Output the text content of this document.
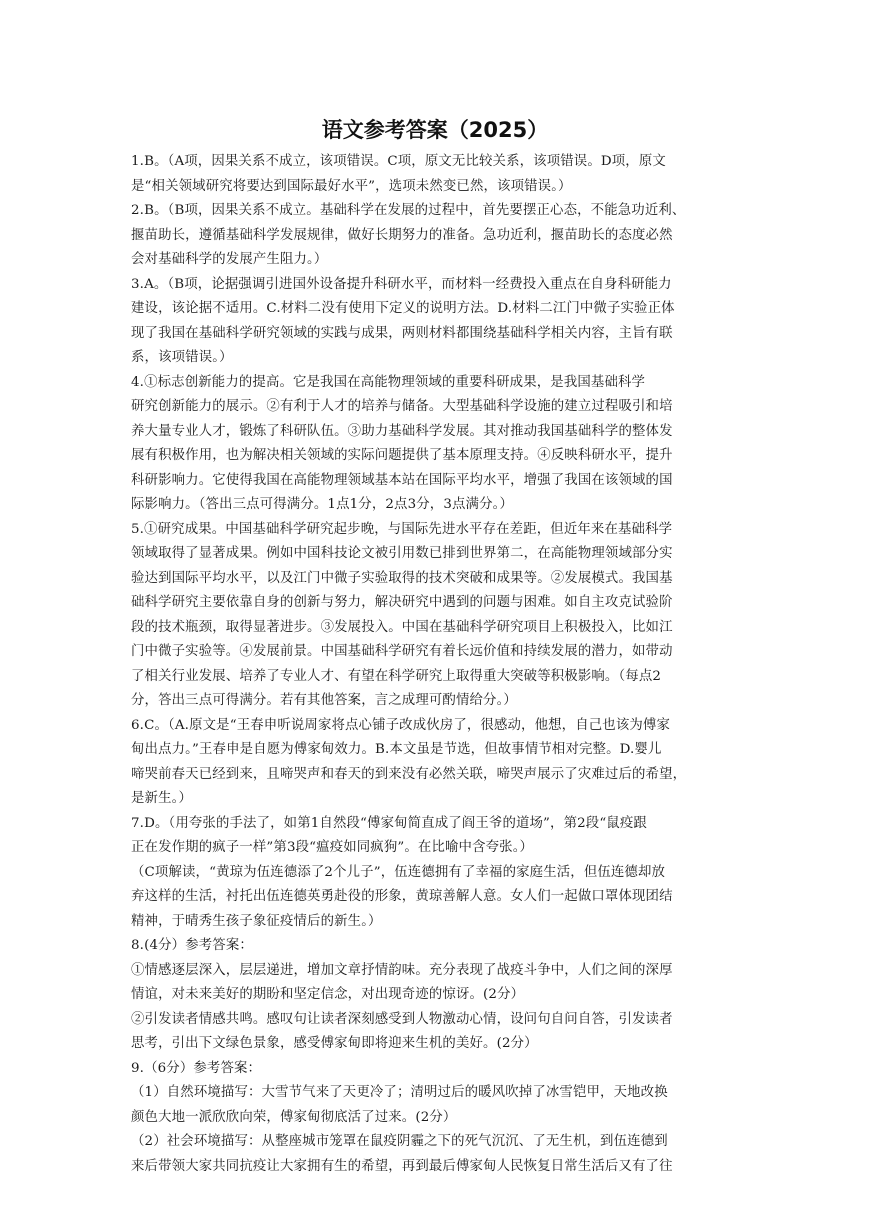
语文参考答案（2025）
1.B。（A项，因果关系不成立，该项错误。C项，原文无比较关系，该项错误。D项，原文
是“相关领域研究将要达到国际最好水平”，选项未然变已然，该项错误。）
2.B。（B项，因果关系不成立。基础科学在发展的过程中，首先要摆正心态，不能急功近利、
揠苗助长，遵循基础科学发展规律，做好长期努力的准备。急功近利，揠苗助长的态度必然
会对基础科学的发展产生阻力。）
3.A。（B项，论据强调引进国外设备提升科研水平，而材料一经费投入重点在自身科研能力
建设，该论据不适用。C.材料二没有使用下定义的说明方法。D.材料二江门中微子实验正体
现了我国在基础科学研究领域的实践与成果，两则材料都围绕基础科学相关内容，主旨有联
系，该项错误。）
4.①标志创新能力的提高。它是我国在高能物理领域的重要科研成果，是我国基础科学
研究创新能力的展示。②有利于人才的培养与储备。大型基础科学设施的建立过程吸引和培
养大量专业人才，锻炼了科研队伍。③助力基础科学发展。其对推动我国基础科学的整体发
展有积极作用，也为解决相关领域的实际问题提供了基本原理支持。④反映科研水平，提升
科研影响力。它使得我国在高能物理领域基本站在国际平均水平，增强了我国在该领域的国
际影响力。（答出三点可得满分。1点1分，2点3分，3点满分。）
5.①研究成果。中国基础科学研究起步晚，与国际先进水平存在差距，但近年来在基础科学
领域取得了显著成果。例如中国科技论文被引用数已排到世界第二，在高能物理领域部分实
验达到国际平均水平，以及江门中微子实验取得的技术突破和成果等。②发展模式。我国基
础科学研究主要依靠自身的创新与努力，解决研究中遇到的问题与困难。如自主攻克试验阶
段的技术瓶颈，取得显著进步。③发展投入。中国在基础科学研究项目上积极投入，比如江
门中微子实验等。④发展前景。中国基础科学研究有着长远价值和持续发展的潜力，如带动
了相关行业发展、培养了专业人才、有望在科学研究上取得重大突破等积极影响。（每点2
分，答出三点可得满分。若有其他答案，言之成理可酌情给分。）
6.C。（A.原文是“王春申听说周家将点心铺子改成伙房了，很感动，他想，自己也该为傅家
甸出点力。”王春申是自愿为傅家甸效力。B.本文虽是节选，但故事情节相对完整。D.婴儿
啼哭前春天已经到来，且啼哭声和春天的到来没有必然关联，啼哭声展示了灾难过后的希望，
是新生。）
7.D。（用夸张的手法了，如第1自然段“傅家甸简直成了阎王爷的道场”，第2段“鼠疫跟
正在发作期的疯子一样”第3段“瘟疫如同疯狗”。在比喻中含夸张。）
（C项解读，“黄琼为伍连德添了2个儿子”，伍连德拥有了幸福的家庭生活，但伍连德却放
弃这样的生活，衬托出伍连德英勇赴役的形象，黄琼善解人意。女人们一起做口罩体现团结
精神，于晴秀生孩子象征疫情后的新生。）
8.(4分）参考答案：
①情感逐层深入，层层递进，增加文章抒情韵味。充分表现了战疫斗争中，人们之间的深厚
情谊，对未来美好的期盼和坚定信念，对出现奇迹的惊讶。(2分）
②引发读者情感共鸣。感叹句让读者深刻感受到人物激动心情，设问句自问自答，引发读者
思考，引出下文绿色景象，感受傅家甸即将迎来生机的美好。(2分）
9.（6分）参考答案：
（1）自然环境描写：大雪节气来了天更冷了；清明过后的暖风吹掉了冰雪铠甲，天地改换
颜色大地一派欣欣向荣，傅家甸彻底活了过来。(2分）
（2）社会环境描写：从整座城市笼罩在鼠疫阴霾之下的死气沉沉、了无生机，到伍连德到
来后带领大家共同抗疫让大家拥有生的希望，再到最后傅家甸人民恢复日常生活后又有了往
